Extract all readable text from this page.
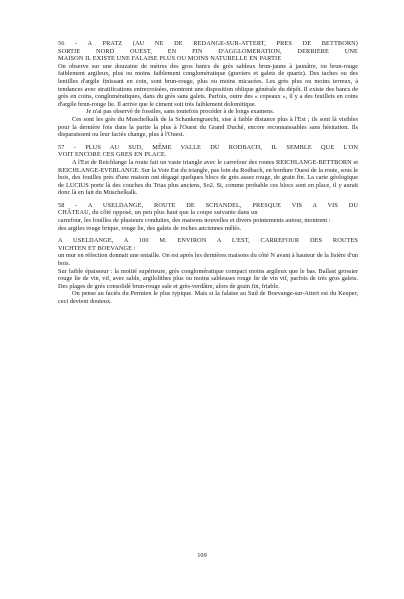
56 - A PRATZ (AU NE DE REDANGE-SUR-ATTERT, PRES DE BETTBORN)
SORTIE NORD OUEST, EN FIN D'AGGLOMERATION, DERRIERE UNE
MAISON IL EXISTE UNE FALAISE PLUS OU MOINS NATURELLE EN PARTIE

On observe sur une douzaine de mètres des gros bancs de grès sableux brun-jaune à jaunâtre, ou brun-rouge faiblement argileux, plus ou moins faiblement conglomératique (graviers et galets de quartz). Des taches ou des lentilles d'argile finissant en coin, sont brun-rouge, plus ou moins micacées. Les grès plus ou moins terreux, à tendances avec stratifications entrecroisées, montrent une disposition oblique générale du dépôt. Il existe des bancs de grès en coins, conglomératiques, dans du grès sans galets. Parfois, outre des « copeaux », il y a des feuillets en coins d'argile brun-rouge lie. Il arrive que le ciment soit très faiblement dolomitique.

Je n'ai pas observé de fossiles, sans toutefois procéder à de longs examens.

Ces sont les grès du Muschelkalk de la Schankengraecht, sise à faible distance plus à l'Est ; ils sont là visibles pour la dernière fois dans la partie la plus à l'Ouest du Grand Duché, encore reconnaissables sans hésitation. Ils disparaissent ou leur faciès change, plus à l'Ouest.

57 - PLUS AU SUD, MÊME VALLE DU RODBACH, IL SEMBLE QUE L'ON
VOIT ENCORE CES GRES EN PLACE.

A l'Est de Reichlange la route fait un vaste triangle avec le carrefour des routes REICHLANGE-BETTBORN et REICHLANGE-EVERLANGE. Sur la Voie Est du triangle, pas loin du Rodbach, en bordure Ouest de la route, sous le bois, des fouilles près d'une maison ont dégagé quelques blocs de grès assez rouge, de grain fin. La carte géologique de LUCIUS porte là des couches du Trias plus anciens, So2. Si, comme probable ces blocs sont en place, il y aurait donc là en fait du Muschelkalk.

58 - A USELDANGE, ROUTE DE SCHANDEL, PRESQUE VIS A VIS DU
CHÂTEAU, du côté opposé, un peu plus haut que la coupe suivante dans un

carrefour, les fouilles de plusieurs conduites, des maisons nouvelles et divers pointements autour, montrent :

des argiles rouge brique, rouge lie, des galets de roches anciennes mêlés.

A USELDANGE, A 100 M. ENVIRON A L'EST, CARREFOUR DES ROUTES
VICHTEN ET BOEVANGE :

un mur en réfection donnait une entaille. On est après les dernières maisons du côté N avant à hauteur de la lisière d'un bois.

Sur faible épaisseur : la moitié supérieure, grès conglomératique compact moins argileux que le bas. Ballast grossier rouge lie de vin, vif, avec sable, argilolithes plus ou moins sableuses rouge lie de vin vif, parfois de très gros galets. Des plages de grès consolidé brun-rouge sale et grès-verdâtre, alors de grain fin, friable.

On pense au faciès du Permien le plus typique. Mais si la falaise au Sud de Boevange-sur-Attert est du Keuper, ceci devient douteux.

109
